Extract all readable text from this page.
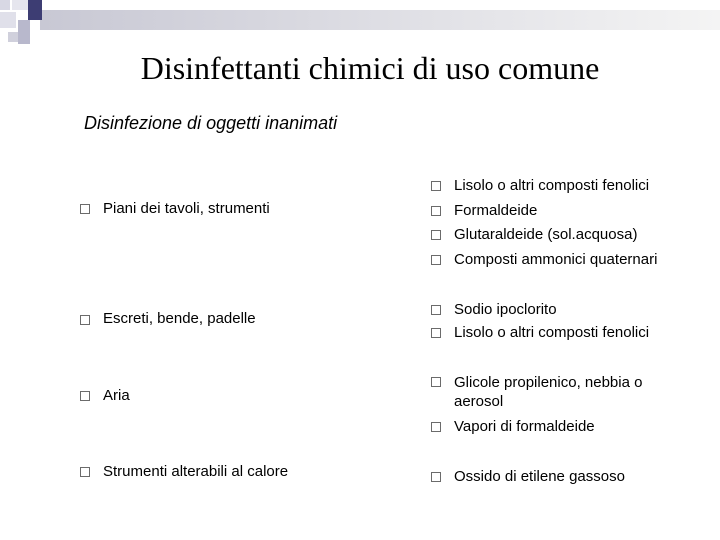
Disinfettanti chimici di uso comune
Disinfezione di oggetti inanimati
Piani dei tavoli, strumenti
Lisolo o altri composti fenolici
Formaldeide
Glutaraldeide (sol.acquosa)
Composti ammonici quaternari
Escreti, bende, padelle
Sodio ipoclorito
Lisolo o altri composti fenolici
Aria
Glicole propilenico, nebbia o aerosol
Vapori di formaldeide
Strumenti alterabili al calore	Ossido di etilene gassoso
